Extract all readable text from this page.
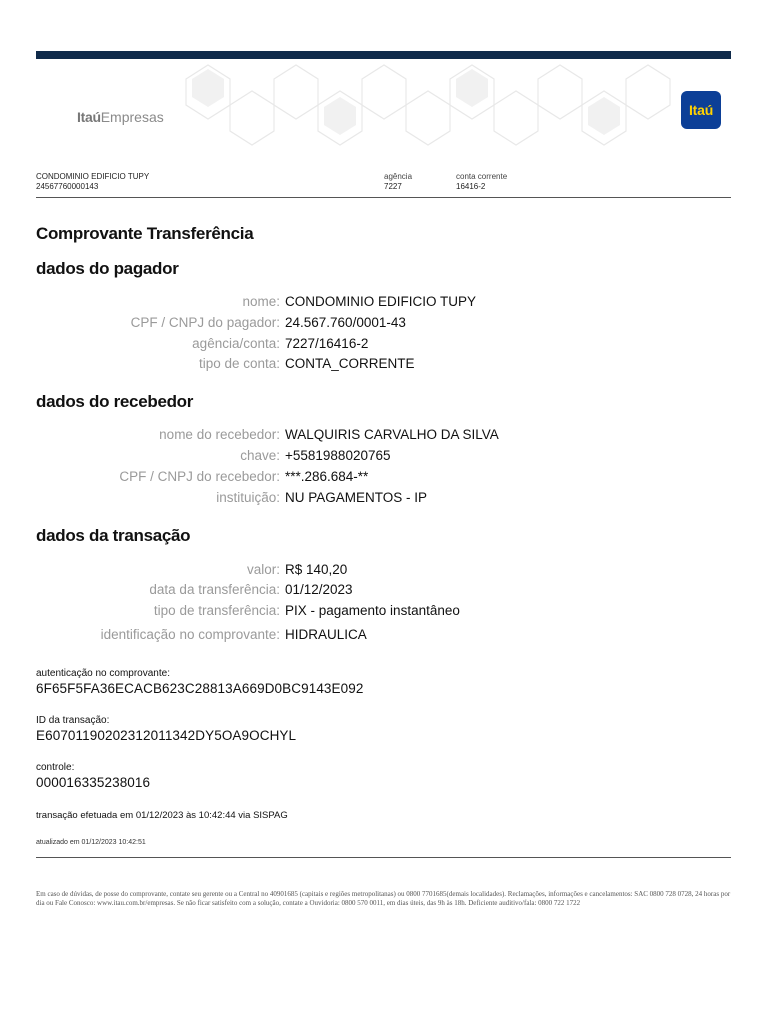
ItaúEmpresas	Itaú
CONDOMINIO EDIFICIO TUPY
24567760000143
agência
7227
conta corrente
16416-2
Comprovante Transferência
dados do pagador
nome: CONDOMINIO EDIFICIO TUPY
CPF / CNPJ do pagador: 24.567.760/0001-43
agência/conta: 7227/16416-2
tipo de conta: CONTA_CORRENTE
dados do recebedor
nome do recebedor: WALQUIRIS CARVALHO DA SILVA
chave: +5581988020765
CPF / CNPJ do recebedor: ***.286.684-**
instituição: NU PAGAMENTOS - IP
dados da transação
valor: R$ 140,20
data da transferência: 01/12/2023
tipo de transferência: PIX - pagamento instantâneo
identificação no comprovante: HIDRAULICA
autenticação no comprovante:
6F65F5FA36ECACB623C28813A669D0BC9143E092
ID da transação:
E60701190202312011342DY5OA9OCHYL
controle:
000016335238016
transação efetuada em 01/12/2023 às 10:42:44 via SISPAG
atualizado em 01/12/2023 10:42:51
Em caso de dúvidas, de posse do comprovante, contate seu gerente ou a Central no 40901685 (capitais e regiões metropolitanas) ou 0800 7701685(demais localidades). Reclamações, informações e cancelamentos: SAC 0800 728 0728, 24 horas por dia ou Fale Conosco: www.itau.com.br/empresas. Se não ficar satisfeito com a solução, contate a Ouvidoria: 0800 570 0011, em dias úteis, das 9h às 18h. Deficiente auditivo/fala: 0800 722 1722
